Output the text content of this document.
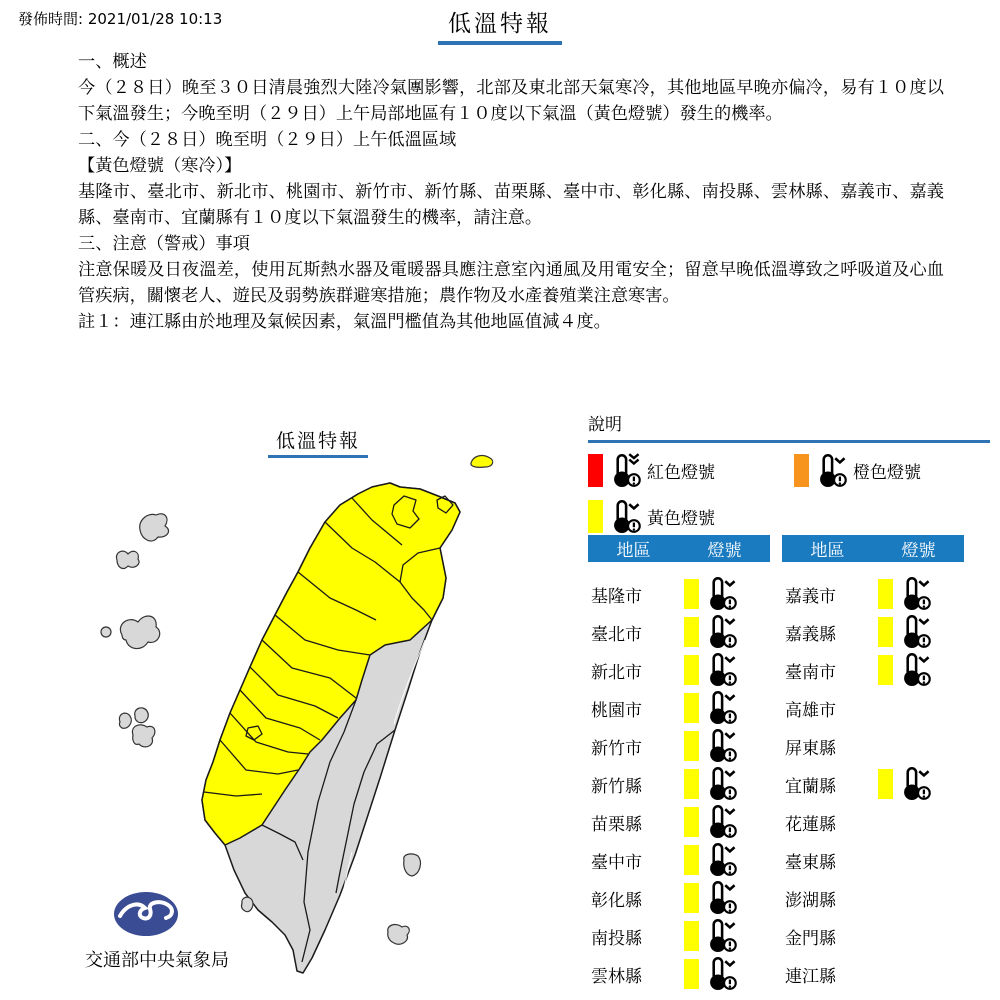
發佈時間: 2021/01/28 10:13	低溫特報
一、概述
今（２８日）晚至３０日清晨強烈大陸冷氣團影響，北部及東北部天氣寒冷，其他地區早晚亦偏冷，易有１０度以下氣溫發生；今晚至明（２９日）上午局部地區有１０度以下氣溫（黃色燈號）發生的機率。
二、今（２８日）晚至明（２９日）上午低溫區域
【黃色燈號（寒冷）】
基隆市、臺北市、新北市、桃園市、新竹市、新竹縣、苗栗縣、臺中市、彰化縣、南投縣、雲林縣、嘉義市、嘉義縣、臺南市、宜蘭縣有１０度以下氣溫發生的機率，請注意。
三、注意（警戒）事項
注意保暖及日夜溫差，使用瓦斯熱水器及電暖器具應注意室內通風及用電安全；留意早晚低溫導致之呼吸道及心血管疾病，關懷老人、遊民及弱勢族群避寒措施；農作物及水產養殖業注意寒害。
註１：連江縣由於地理及氣候因素，氣溫門檻值為其他地區值減４度。
低溫特報
交通部中央氣象局
說明
紅色燈號	橙色燈號
黃色燈號
地區	燈號
基隆市
臺北市
新北市
桃園市
新竹市
新竹縣
苗栗縣
臺中市
彰化縣
南投縣
雲林縣
地區	燈號
嘉義市
嘉義縣
臺南市
高雄市
屏東縣
宜蘭縣
花蓮縣
臺東縣
澎湖縣
金門縣
連江縣
